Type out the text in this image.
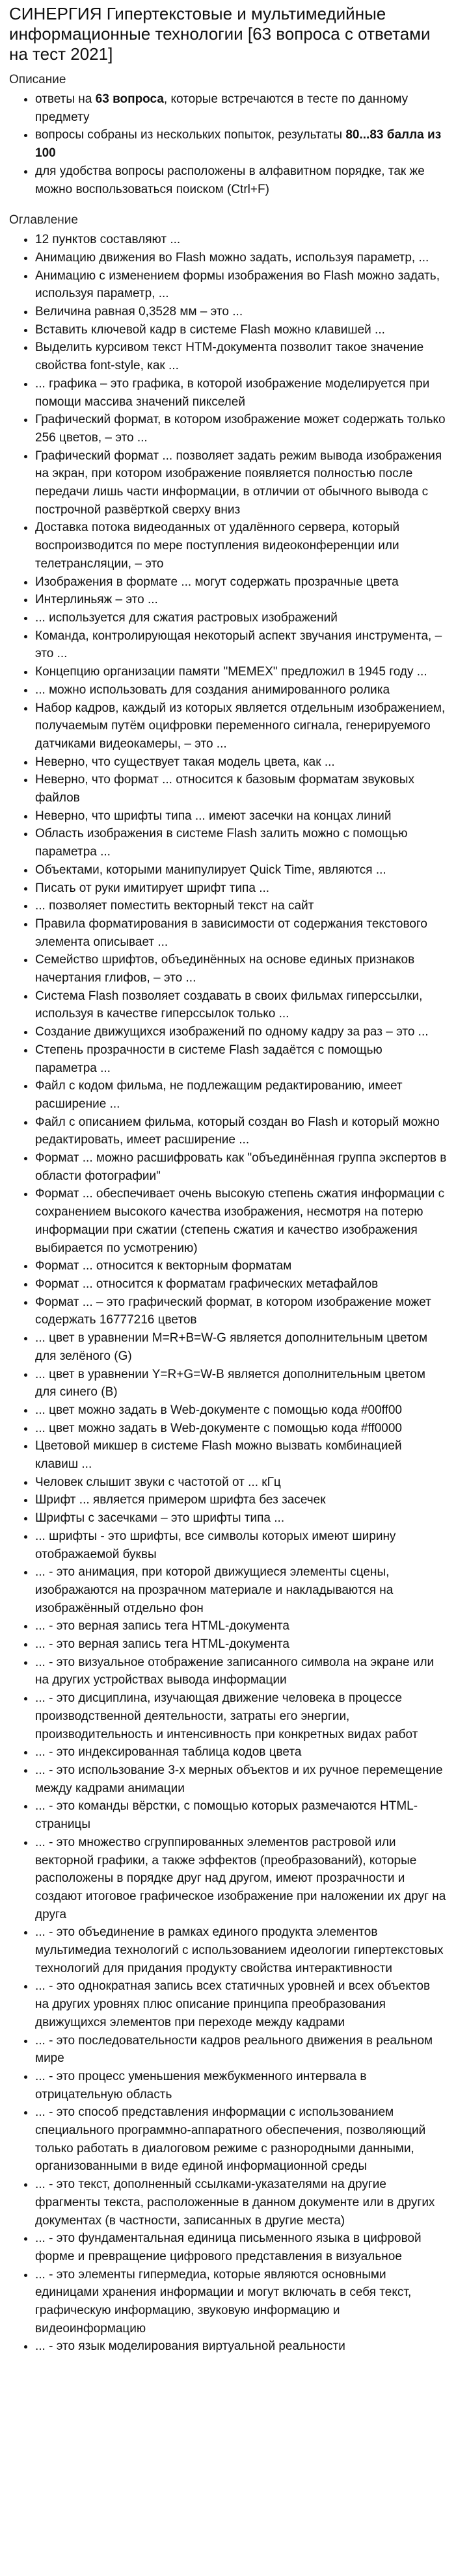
СИНЕРГИЯ Гипертекстовые и мультимедийные информационные технологии [63 вопроса с ответами на тест 2021]
Описание
• ответы на 63 вопроса, которые встречаются в тесте по данному предмету
• вопросы собраны из нескольких попыток, результаты 80...83 балла из 100
• для удобства вопросы расположены в алфавитном порядке, так же можно воспользоваться поиском (Ctrl+F)
Оглавление
• 12 пунктов составляют ...
• Анимацию движения во Flash можно задать, используя параметр, ...
• Анимацию с изменением формы изображения во Flash можно задать, используя параметр, ...
• Величина равная 0,3528 мм – это ...
• Вставить ключевой кадр в системе Flash можно клавишей ...
• Выделить курсивом текст HTM-документа позволит такое значение свойства font-style, как ...
• ... графика – это графика, в которой изображение моделируется при помощи массива значений пикселей
• Графический формат, в котором изображение может содержать только 256 цветов, – это ...
• Графический формат ... позволяет задать режим вывода изображения на экран, при котором изображение появляется полностью после передачи лишь части информации, в отличии от обычного вывода с построчной развёрткой сверху вниз
• Доставка потока видеоданных от удалённого сервера, который воспроизводится по мере поступления видеоконференции или телетрансляции, – это
• Изображения в формате ... могут содержать прозрачные цвета
• Интерлиньяж – это ...
• ... используется для сжатия растровых изображений
• Команда, контролирующая некоторый аспект звучания инструмента, – это ...
• Концепцию организации памяти "MEMEX" предложил в 1945 году ...
• ... можно использовать для создания анимированного ролика
• Набор кадров, каждый из которых является отдельным изображением, получаемым путём оцифровки переменного сигнала, генерируемого датчиками видеокамеры, – это ...
• Неверно, что существует такая модель цвета, как ...
• Неверно, что формат ... относится к базовым форматам звуковых файлов
• Неверно, что шрифты типа ... имеют засечки на концах линий
• Область изображения в системе Flash залить можно с помощью параметра ...
• Объектами, которыми манипулирует Quick Time, являются ...
• Писать от руки имитирует шрифт типа ...
• ... позволяет поместить векторный текст на сайт
• Правила форматирования в зависимости от содержания текстового элемента описывает ...
• Семейство шрифтов, объединённых на основе единых признаков начертания глифов, – это ...
• Система Flash позволяет создавать в своих фильмах гиперссылки, используя в качестве гиперссылок только ...
• Создание движущихся изображений по одному кадру за раз – это ...
• Степень прозрачности в системе Flash задаётся с помощью параметра ...
• Файл с кодом фильма, не подлежащим редактированию, имеет расширение ...
• Файл с описанием фильма, который создан во Flash и который можно редактировать, имеет расширение ...
• Формат ... можно расшифровать как "объединённая группа экспертов в области фотографии"
• Формат ... обеспечивает очень высокую степень сжатия информации с сохранением высокого качества изображения, несмотря на потерю информации при сжатии (степень сжатия и качество изображения выбирается по усмотрению)
• Формат ... относится к векторным форматам
• Формат ... относится к форматам графических метафайлов
• Формат ... – это графический формат, в котором изображение может содержать 16777216 цветов
• ... цвет в уравнении M=R+B=W-G является дополнительным цветом для зелёного (G)
• ... цвет в уравнении Y=R+G=W-B является дополнительным цветом для синего (B)
• ... цвет можно задать в Web-документе с помощью кода #00ff00
• ... цвет можно задать в Web-документе с помощью кода #ff0000
• Цветовой микшер в системе Flash можно вызвать комбинацией клавиш ...
• Человек слышит звуки с частотой от ... кГц
• Шрифт ... является примером шрифта без засечек
• Шрифты с засечками – это шрифты типа ...
• ... шрифты - это шрифты, все символы которых имеют ширину отображаемой буквы
• ... - это анимация, при которой движущиеся элементы сцены, изображаются на прозрачном материале и накладываются на изображённый отдельно фон
• ... - это верная запись тега HTML-документа
• ... - это верная запись тега HTML-документа
• ... - это визуальное отображение записанного символа на экране или на других устройствах вывода информации
• ... - это дисциплина, изучающая движение человека в процессе производственной деятельности, затраты его энергии, производительность и интенсивность при конкретных видах работ
• ... - это индексированная таблица кодов цвета
• ... - это использование 3-х мерных объектов и их ручное перемещение между кадрами анимации
• ... - это команды вёрстки, с помощью которых размечаются HTML-страницы
• ... - это множество сгруппированных элементов растровой или векторной графики, а также эффектов (преобразований), которые расположены в порядке друг над другом, имеют прозрачности и создают итоговое графическое изображение при наложении их друг на друга
• ... - это объединение в рамках единого продукта элементов мультимедиа технологий с использованием идеологии гипертекстовых технологий для придания продукту свойства интерактивности
• ... - это однократная запись всех статичных уровней и всех объектов на других уровнях плюс описание принципа преобразования движущихся элементов при переходе между кадрами
• ... - это последовательности кадров реального движения в реальном мире
• ... - это процесс уменьшения межбукменного интервала в отрицательную область
• ... - это способ представления информации с использованием специального программно-аппаратного обеспечения, позволяющий только работать в диалоговом режиме с разнородными данными, организованными в виде единой информационной среды
• ... - это текст, дополненный ссылками-указателями на другие фрагменты текста, расположенные в данном документе или в других документах (в частности, записанных в другие места)
• ... - это фундаментальная единица письменного языка в цифровой форме и превращение цифрового представления в визуальное
• ... - это элементы гипермедиа, которые являются основными единицами хранения информации и могут включать в себя текст, графическую информацию, звуковую информацию и видеоинформацию
• ... - это язык моделирования виртуальной реальности
